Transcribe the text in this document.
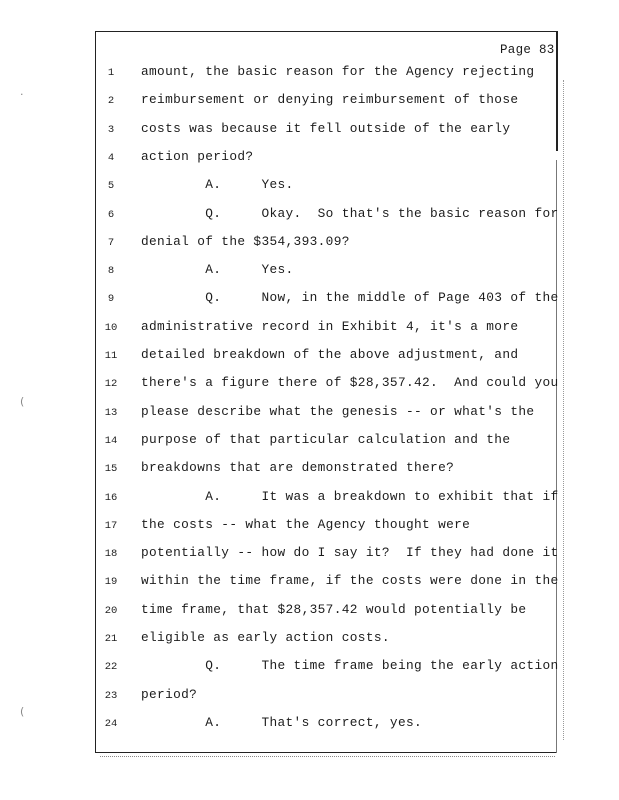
·
(
(
Page 83
1	amount, the basic reason for the Agency rejecting
2	reimbursement or denying reimbursement of those
3	costs was because it fell outside of the early
4	action period?
5	A.     Yes.
6	Q.     Okay.  So that's the basic reason for
7	denial of the $354,393.09?
8	A.     Yes.
9	Q.     Now, in the middle of Page 403 of the
10	administrative record in Exhibit 4, it's a more
11	detailed breakdown of the above adjustment, and
12	there's a figure there of $28,357.42.  And could you
13	please describe what the genesis -- or what's the
14	purpose of that particular calculation and the
15	breakdowns that are demonstrated there?
16	A.     It was a breakdown to exhibit that if
17	the costs -- what the Agency thought were
18	potentially -- how do I say it?  If they had done it
19	within the time frame, if the costs were done in the
20	time frame, that $28,357.42 would potentially be
21	eligible as early action costs.
22	Q.     The time frame being the early action
23	period?
24	A.     That's correct, yes.
